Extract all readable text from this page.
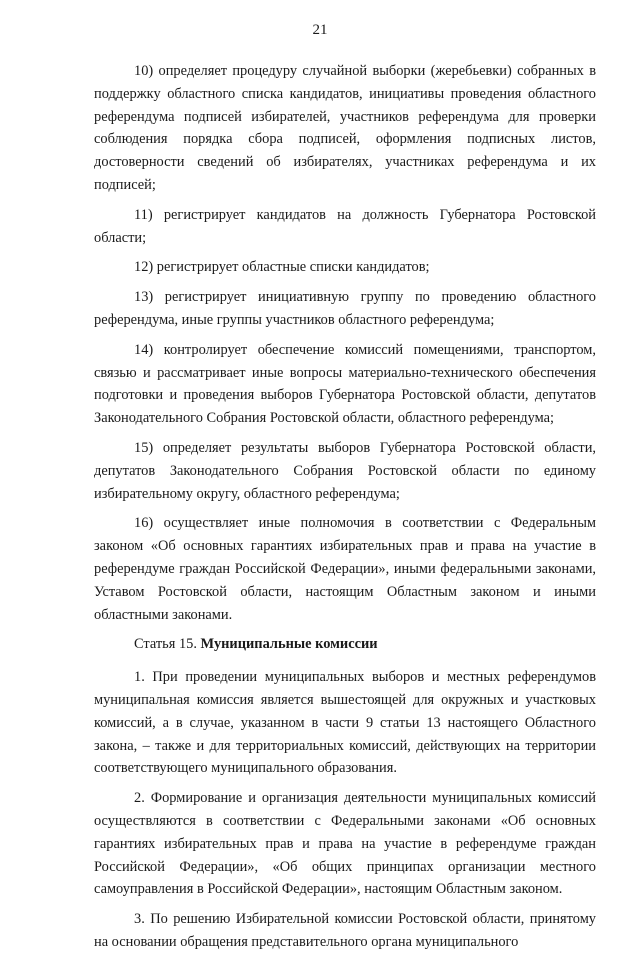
21

10) определяет процедуру случайной выборки (жеребьевки) собранных в поддержку областного списка кандидатов, инициативы проведения областного референдума подписей избирателей, участников референдума для проверки соблюдения порядка сбора подписей, оформления подписных листов, достоверности сведений об избирателях, участниках референдума и их подписей;

11) регистрирует кандидатов на должность Губернатора Ростовской области;

12) регистрирует областные списки кандидатов;

13) регистрирует инициативную группу по проведению областного референдума, иные группы участников областного референдума;

14) контролирует обеспечение комиссий помещениями, транспортом, связью и рассматривает иные вопросы материально-технического обеспечения подготовки и проведения выборов Губернатора Ростовской области, депутатов Законодательного Собрания Ростовской области, областного референдума;

15) определяет результаты выборов Губернатора Ростовской области, депутатов Законодательного Собрания Ростовской области по единому избирательному округу, областного референдума;

16) осуществляет иные полномочия в соответствии с Федеральным законом «Об основных гарантиях избирательных прав и права на участие в референдуме граждан Российской Федерации», иными федеральными законами, Уставом Ростовской области, настоящим Областным законом и иными областными законами.

Статья 15. Муниципальные комиссии

1. При проведении муниципальных выборов и местных референдумов муниципальная комиссия является вышестоящей для окружных и участковых комиссий, а в случае, указанном в части 9 статьи 13 настоящего Областного закона, – также и для территориальных комиссий, действующих на территории соответствующего муниципального образования.

2. Формирование и организация деятельности муниципальных комиссий осуществляются в соответствии с Федеральными законами «Об основных гарантиях избирательных прав и права на участие в референдуме граждан Российской Федерации», «Об общих принципах организации местного самоуправления в Российской Федерации», настоящим Областным законом.

3. По решению Избирательной комиссии Ростовской области, принятому на основании обращения представительного органа муниципального
